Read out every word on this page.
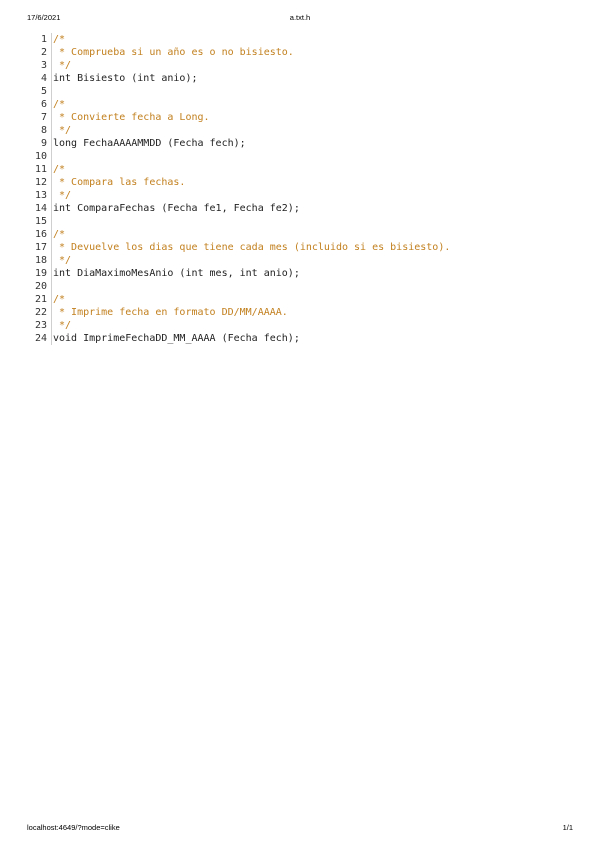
17/6/2021	a.txt.h
1
2
3
4
5
6
7
8
9
10
11
12
13
14
15
16
17
18
19
20
21
22
23
24
/*
* Comprueba si un año es o no bisiesto.
*/
int Bisiesto (int anio);
/*
* Convierte fecha a Long.
*/
long FechaAAAAMMDD (Fecha fech);
/*
* Compara las fechas.
*/
int ComparaFechas (Fecha fe1, Fecha fe2);
/*
* Devuelve los dias que tiene cada mes (incluido si es bisiesto).
*/
int DiaMaximoMesAnio (int mes, int anio);
/*
* Imprime fecha en formato DD/MM/AAAA.
*/
void ImprimeFechaDD_MM_AAAA (Fecha fech);
localhost:4649/?mode=clike	1/1
